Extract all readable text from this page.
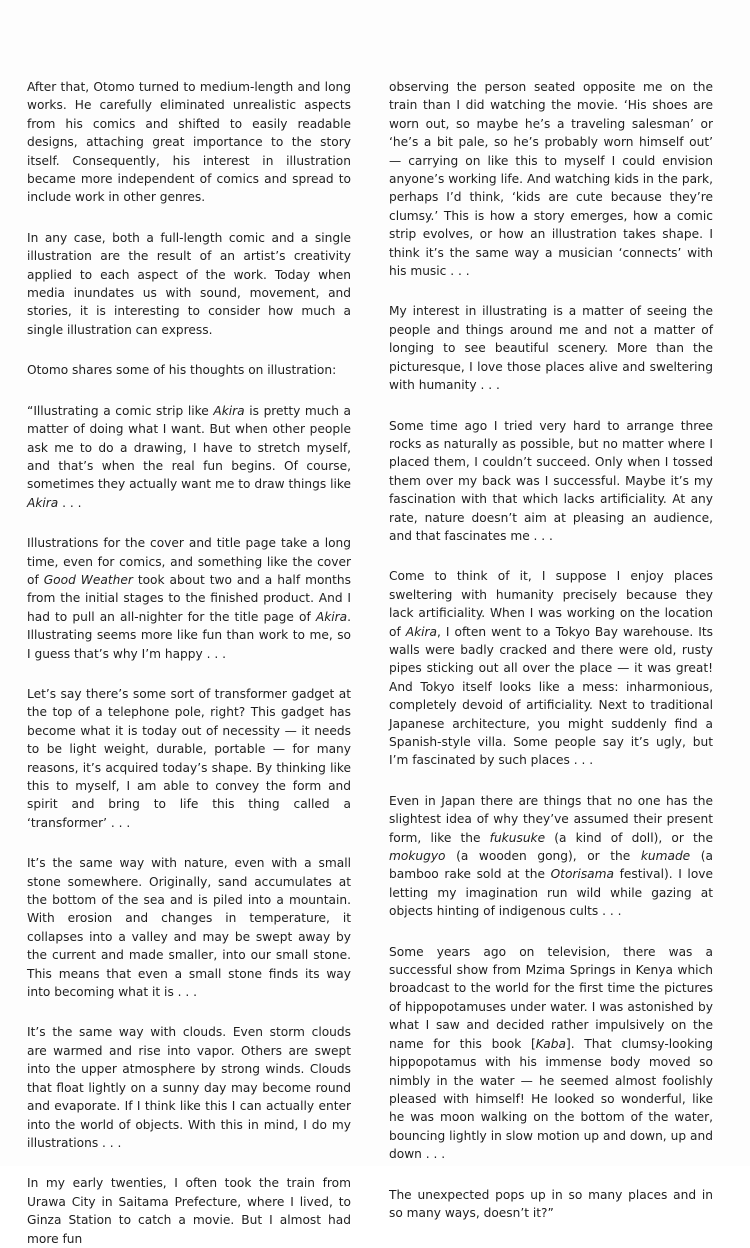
After that, Otomo turned to medium-length and long works. He carefully eliminated unrealistic aspects from his comics and shifted to easily readable designs, attaching great importance to the story itself. Consequently, his interest in illustration became more independent of comics and spread to include work in other genres.

In any case, both a full-length comic and a single illustration are the result of an artist’s creativity applied to each aspect of the work. Today when media inundates us with sound, movement, and stories, it is interesting to consider how much a single illustration can express.

Otomo shares some of his thoughts on illustration:

“Illustrating a comic strip like Akira is pretty much a matter of doing what I want. But when other people ask me to do a drawing, I have to stretch myself, and that’s when the real fun begins. Of course, sometimes they actually want me to draw things like Akira . . .

Illustrations for the cover and title page take a long time, even for comics, and something like the cover of Good Weather took about two and a half months from the initial stages to the finished product. And I had to pull an all-nighter for the title page of Akira. Illustrating seems more like fun than work to me, so I guess that’s why I’m happy . . .

Let’s say there’s some sort of transformer gadget at the top of a telephone pole, right? This gadget has become what it is today out of necessity — it needs to be light weight, durable, portable — for many reasons, it’s acquired today’s shape. By thinking like this to myself, I am able to convey the form and spirit and bring to life this thing called a ‘transformer’ . . .

It’s the same way with nature, even with a small stone somewhere. Originally, sand accumulates at the bottom of the sea and is piled into a mountain. With erosion and changes in temperature, it collapses into a valley and may be swept away by the current and made smaller, into our small stone. This means that even a small stone finds its way into becoming what it is . . .

It’s the same way with clouds. Even storm clouds are warmed and rise into vapor. Others are swept into the upper atmosphere by strong winds. Clouds that float lightly on a sunny day may become round and evaporate. If I think like this I can actually enter into the world of objects. With this in mind, I do my illustrations . . .

In my early twenties, I often took the train from Urawa City in Saitama Prefecture, where I lived, to Ginza Station to catch a movie. But I almost had more fun

observing the person seated opposite me on the train than I did watching the movie. ‘His shoes are worn out, so maybe he’s a traveling salesman’ or ‘he’s a bit pale, so he’s probably worn himself out’ — carrying on like this to myself I could envision anyone’s working life. And watching kids in the park, perhaps I’d think, ‘kids are cute because they’re clumsy.’ This is how a story emerges, how a comic strip evolves, or how an illustration takes shape. I think it’s the same way a musician ‘connects’ with his music . . .

My interest in illustrating is a matter of seeing the people and things around me and not a matter of longing to see beautiful scenery. More than the picturesque, I love those places alive and sweltering with humanity . . .

Some time ago I tried very hard to arrange three rocks as naturally as possible, but no matter where I placed them, I couldn’t succeed. Only when I tossed them over my back was I successful. Maybe it’s my fascination with that which lacks artificiality. At any rate, nature doesn’t aim at pleasing an audience, and that fascinates me . . .

Come to think of it, I suppose I enjoy places sweltering with humanity precisely because they lack artificiality. When I was working on the location of Akira, I often went to a Tokyo Bay warehouse. Its walls were badly cracked and there were old, rusty pipes sticking out all over the place — it was great! And Tokyo itself looks like a mess: inharmonious, completely devoid of artificiality. Next to traditional Japanese architecture, you might suddenly find a Spanish-style villa. Some people say it’s ugly, but I’m fascinated by such places . . .

Even in Japan there are things that no one has the slightest idea of why they’ve assumed their present form, like the fukusuke (a kind of doll), or the mokugyo (a wooden gong), or the kumade (a bamboo rake sold at the Otorisama festival). I love letting my imagination run wild while gazing at objects hinting of indigenous cults . . .

Some years ago on television, there was a successful show from Mzima Springs in Kenya which broadcast to the world for the first time the pictures of hippopotamuses under water. I was astonished by what I saw and decided rather impulsively on the name for this book [Kaba]. That clumsy-looking hippopotamus with his immense body moved so nimbly in the water — he seemed almost foolishly pleased with himself! He looked so wonderful, like he was moon walking on the bottom of the water, bouncing lightly in slow motion up and down, up and down . . .

The unexpected pops up in so many places and in so many ways, doesn’t it?”
